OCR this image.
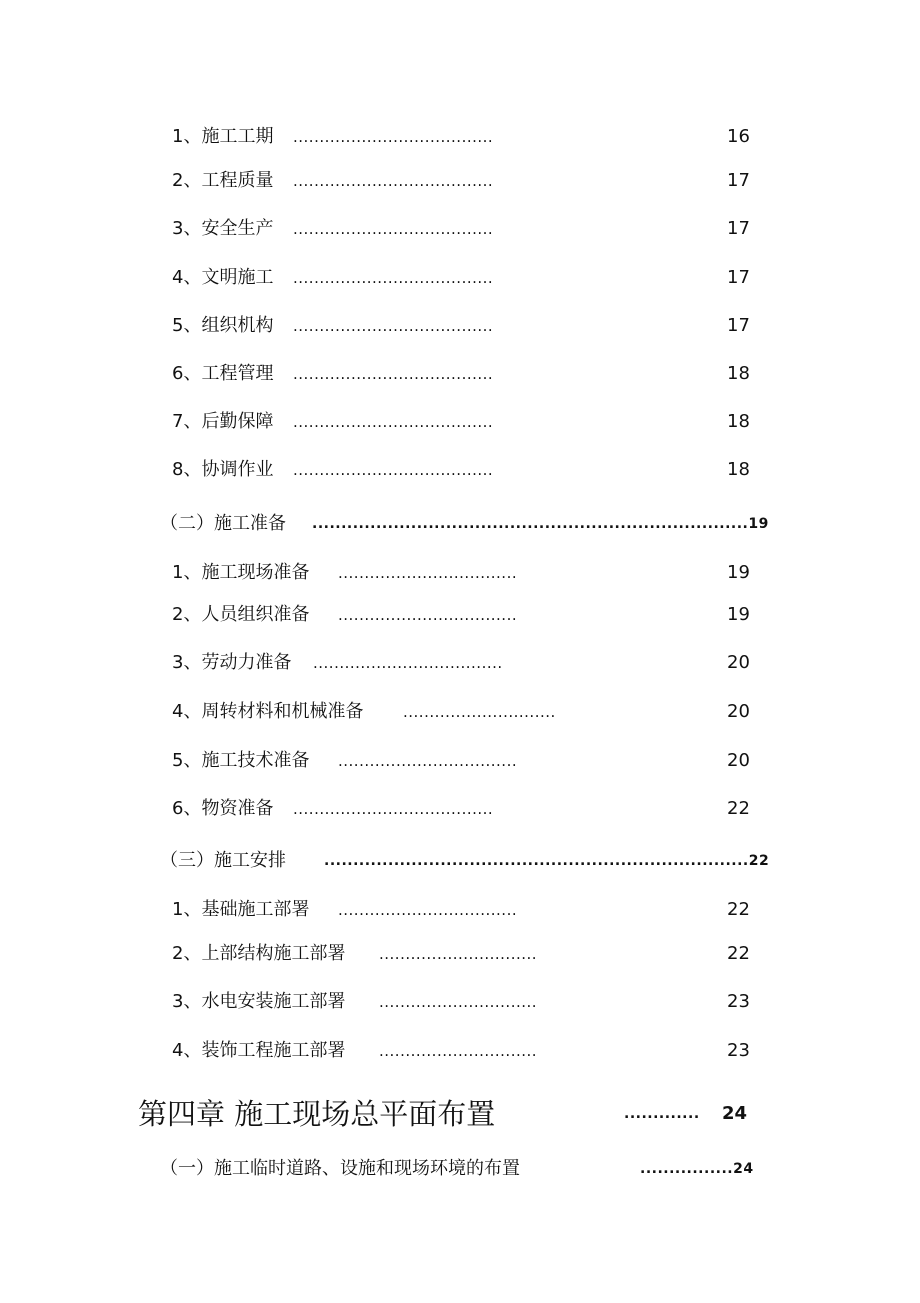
1、施工工期 ......................................	16
2、工程质量 ......................................	17
3、安全生产 ......................................	17
4、文明施工 ......................................	17
5、组织机构 ......................................	17
6、工程管理 ......................................	18
7、后勤保障 ......................................	18
8、协调作业 ......................................	18
（二）施工准备 ...........................................................................19
1、施工现场准备 ..................................	19
2、人员组织准备 ..................................	19
3、劳动力准备 ....................................	20
4、周转材料和机械准备	.............................	20
5、施工技术准备 ..................................	20
6、物资准备 ......................................	22
（三）施工安排	.........................................................................22
1、基础施工部署 ..................................	22
2、上部结构施工部署 ..............................	22
3、水电安装施工部署 ..............................	23
4、装饰工程施工部署 ..............................	23
第四章 施工现场总平面布置	............. 24
（一）施工临时道路、设施和现场环境的布置	................24
